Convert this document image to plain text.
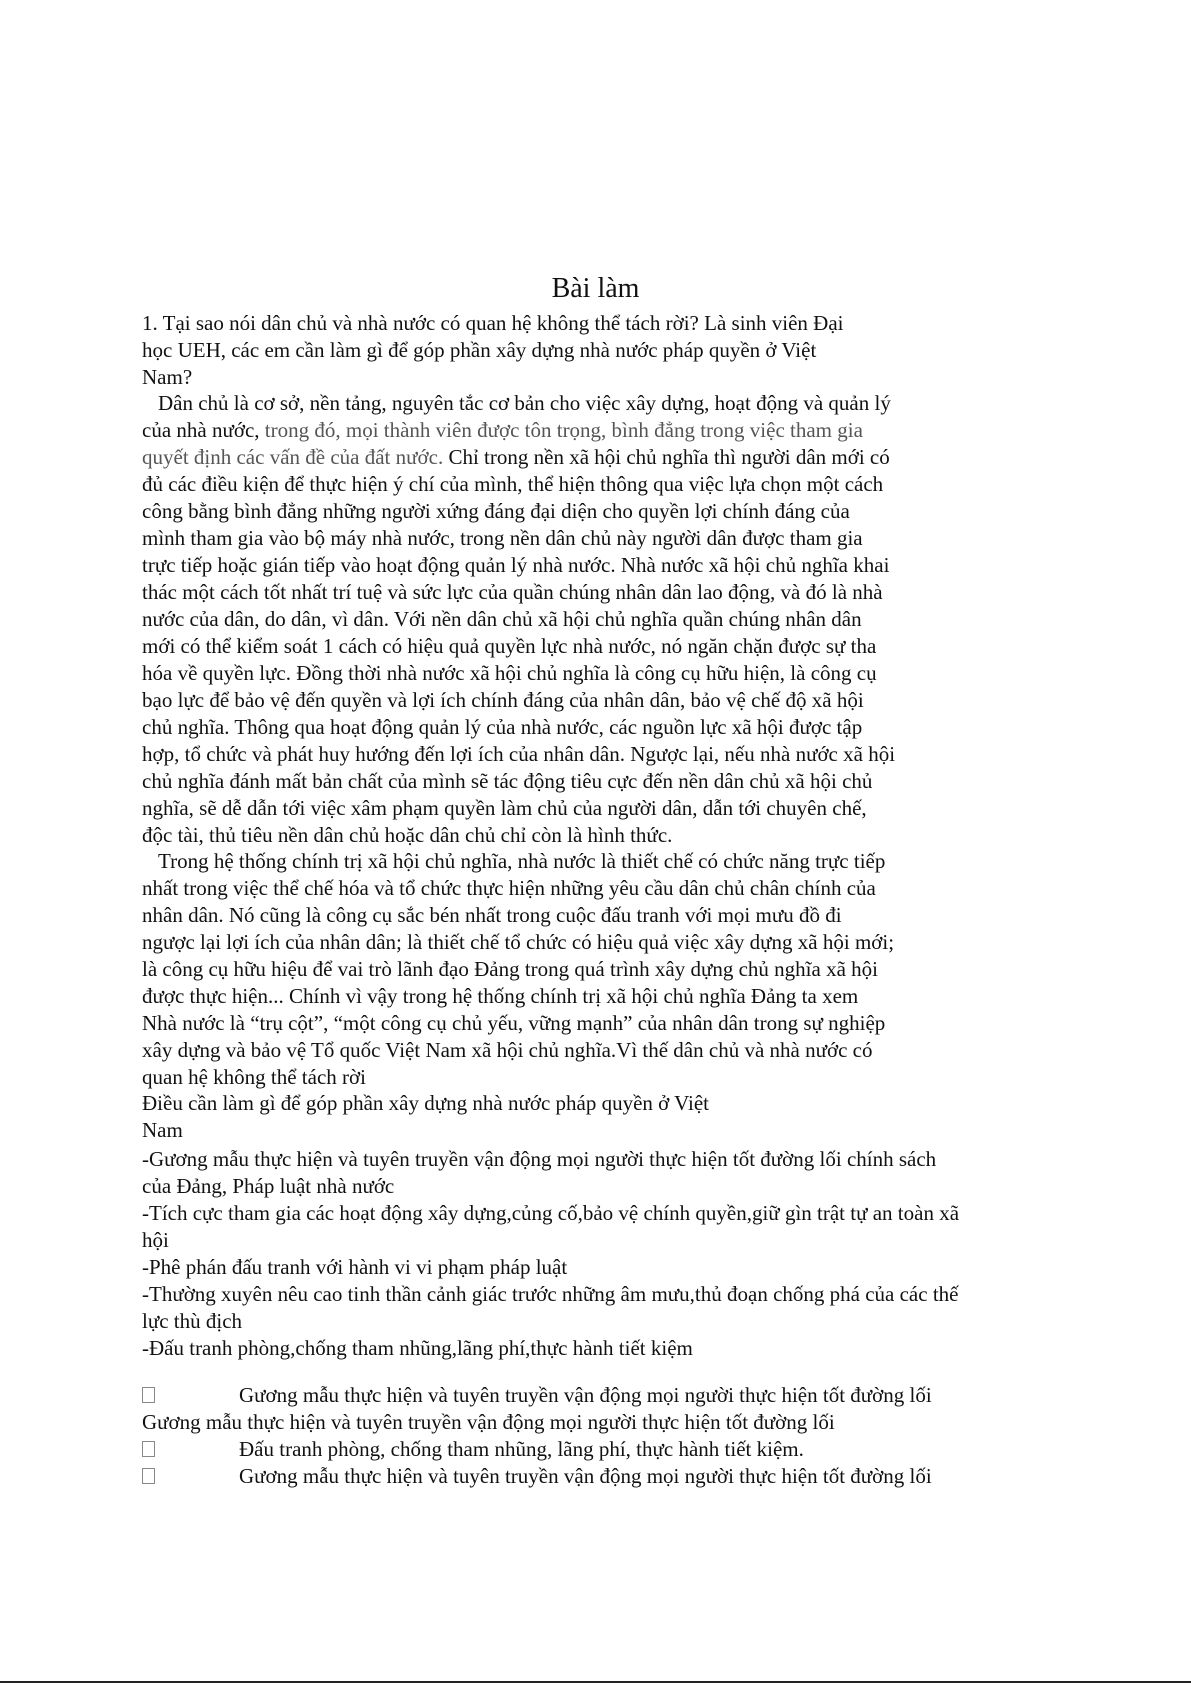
Bài làm
1. Tại sao nói dân chủ và nhà nước có quan hệ không thể tách rời? Là sinh viên Đại
học UEH, các em cần làm gì để góp phần xây dựng nhà nước pháp quyền ở Việt
Nam?
Dân chủ là cơ sở, nền tảng, nguyên tắc cơ bản cho việc xây dựng, hoạt động và quản lý
của nhà nước, trong đó, mọi thành viên được tôn trọng, bình đẳng trong việc tham gia
quyết định các vấn đề của đất nước. Chỉ trong nền xã hội chủ nghĩa thì người dân mới có
đủ các điều kiện để thực hiện ý chí của mình, thể hiện thông qua việc lựa chọn một cách
công bằng bình đẳng những người xứng đáng đại diện cho quyền lợi chính đáng của
mình tham gia vào bộ máy nhà nước, trong nền dân chủ này người dân được tham gia
trực tiếp hoặc gián tiếp vào hoạt động quản lý nhà nước. Nhà nước xã hội chủ nghĩa khai
thác một cách tốt nhất trí tuệ và sức lực của quần chúng nhân dân lao động, và đó là nhà
nước của dân, do dân, vì dân. Với nền dân chủ xã hội chủ nghĩa quần chúng nhân dân
mới có thể kiểm soát 1 cách có hiệu quả quyền lực nhà nước, nó ngăn chặn được sự tha
hóa về quyền lực. Đồng thời nhà nước xã hội chủ nghĩa là công cụ hữu hiện, là công cụ
bạo lực để bảo vệ đến quyền và lợi ích chính đáng của nhân dân, bảo vệ chế độ xã hội
chủ nghĩa. Thông qua hoạt động quản lý của nhà nước, các nguồn lực xã hội được tập
hợp, tổ chức và phát huy hướng đến lợi ích của nhân dân. Ngược lại, nếu nhà nước xã hội
chủ nghĩa đánh mất bản chất của mình sẽ tác động tiêu cực đến nền dân chủ xã hội chủ
nghĩa, sẽ dễ dẫn tới việc xâm phạm quyền làm chủ của người dân, dẫn tới chuyên chế,
độc tài, thủ tiêu nền dân chủ hoặc dân chủ chỉ còn là hình thức.
Trong hệ thống chính trị xã hội chủ nghĩa, nhà nước là thiết chế có chức năng trực tiếp
nhất trong việc thể chế hóa và tổ chức thực hiện những yêu cầu dân chủ chân chính của
nhân dân. Nó cũng là công cụ sắc bén nhất trong cuộc đấu tranh với mọi mưu đồ đi
ngược lại lợi ích của nhân dân; là thiết chế tổ chức có hiệu quả việc xây dựng xã hội mới;
là công cụ hữu hiệu để vai trò lãnh đạo Đảng trong quá trình xây dựng chủ nghĩa xã hội
được thực hiện... Chính vì vậy trong hệ thống chính trị xã hội chủ nghĩa Đảng ta xem
Nhà nước là “trụ cột”, “một công cụ chủ yếu, vững mạnh” của nhân dân trong sự nghiệp
xây dựng và bảo vệ Tổ quốc Việt Nam xã hội chủ nghĩa.Vì thế dân chủ và nhà nước có
quan hệ không thể tách rời
Điều cần làm gì để góp phần xây dựng nhà nước pháp quyền ở Việt
Nam
-Gương mẫu thực hiện và tuyên truyền vận động mọi người thực hiện tốt đường lối chính sách
của Đảng, Pháp luật nhà nước
-Tích cực tham gia các hoạt động xây dựng,củng cố,bảo vệ chính quyền,giữ gìn trật tự an toàn xã
hội
-Phê phán đấu tranh với hành vi vi phạm pháp luật
-Thường xuyên nêu cao tinh thần cảnh giác trước những âm mưu,thủ đoạn chống phá của các thế
lực thù địch
-Đấu tranh phòng,chống tham nhũng,lãng phí,thực hành tiết kiệm
Gương mẫu thực hiện và tuyên truyền vận động mọi người thực hiện tốt đường lối
Gương mẫu thực hiện và tuyên truyền vận động mọi người thực hiện tốt đường lối
Đấu tranh phòng, chống tham nhũng, lãng phí, thực hành tiết kiệm.
Gương mẫu thực hiện và tuyên truyền vận động mọi người thực hiện tốt đường lối
